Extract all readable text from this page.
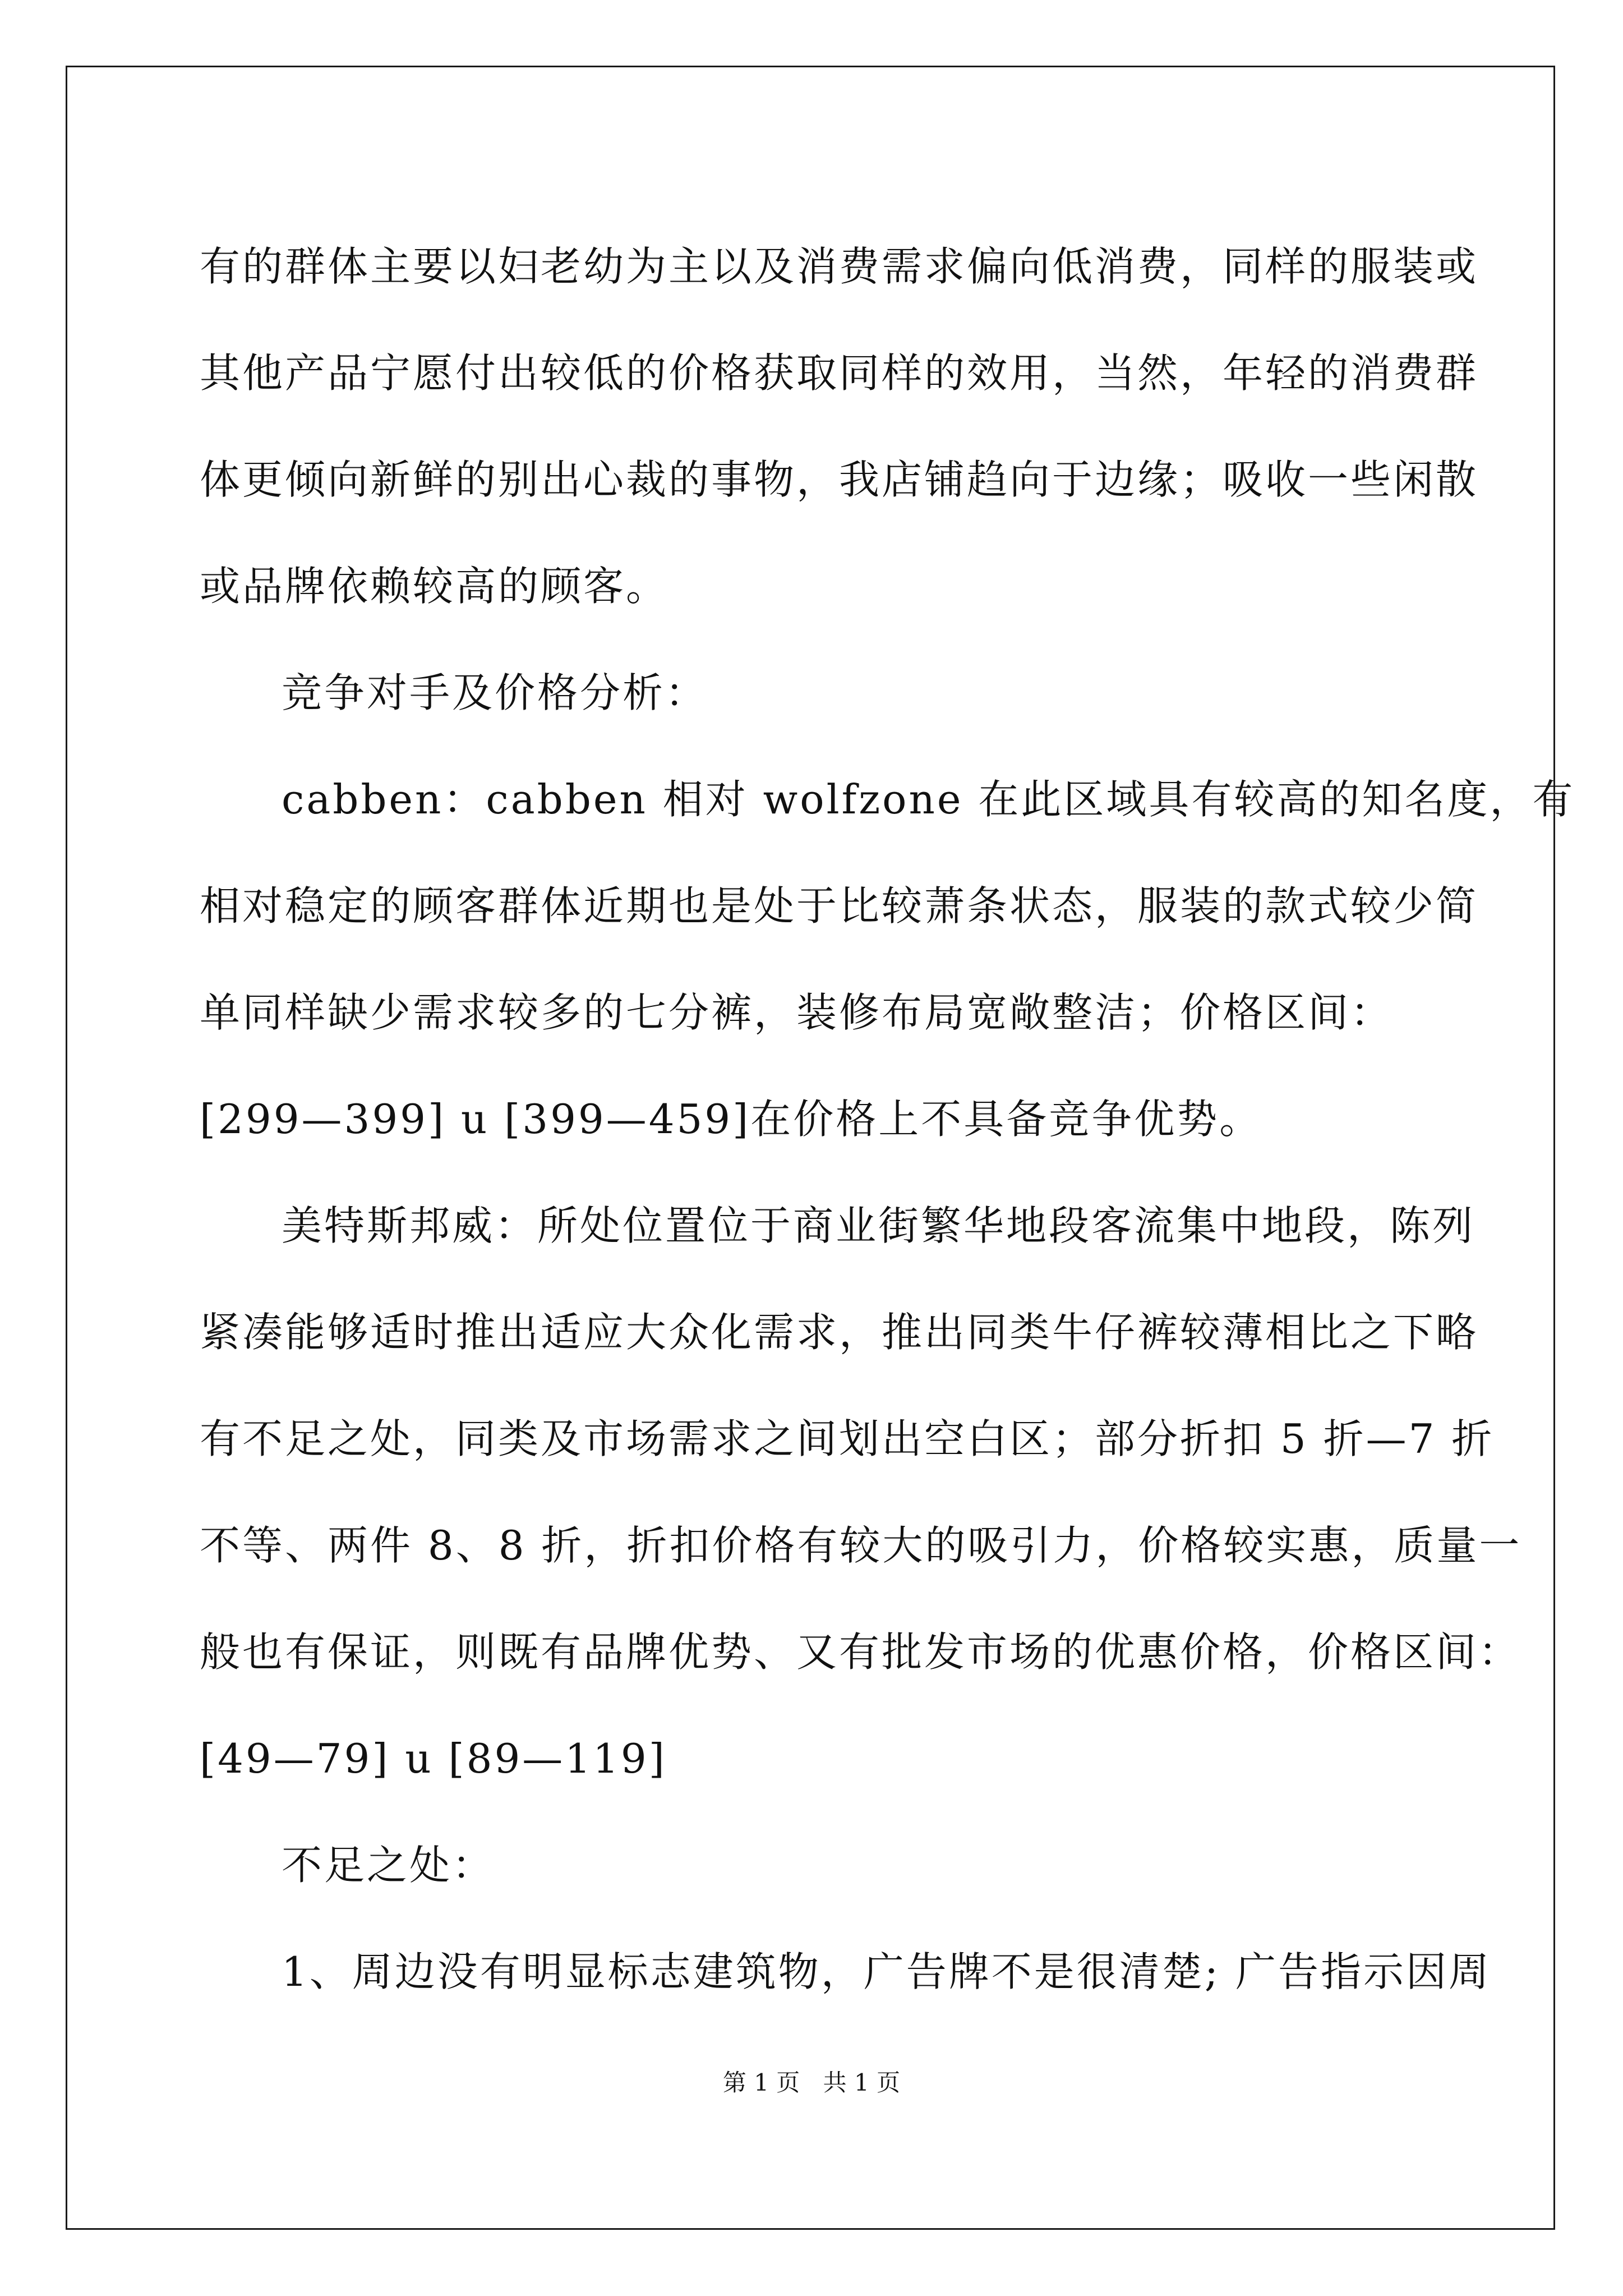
有的群体主要以妇老幼为主以及消费需求偏向低消费，同样的服装或
其他产品宁愿付出较低的价格获取同样的效用，当然，年轻的消费群
体更倾向新鲜的别出心裁的事物，我店铺趋向于边缘；吸收一些闲散
或品牌依赖较高的顾客。
竞争对手及价格分析：
cabben：cabben 相对 wolfzone 在此区域具有较高的知名度，有
相对稳定的顾客群体近期也是处于比较萧条状态，服装的款式较少简
单同样缺少需求较多的七分裤，装修布局宽敞整洁；价格区间：
[299—399] u [399—459]在价格上不具备竞争优势。
美特斯邦威：所处位置位于商业街繁华地段客流集中地段，陈列
紧凑能够适时推出适应大众化需求，推出同类牛仔裤较薄相比之下略
有不足之处，同类及市场需求之间划出空白区；部分折扣 5 折—7 折
不等、两件 8、8 折，折扣价格有较大的吸引力，价格较实惠，质量一
般也有保证，则既有品牌优势、又有批发市场的优惠价格，价格区间：
[49—79] u [89—119]
不足之处：
1、周边没有明显标志建筑物，广告牌不是很清楚; 广告指示因周
第 1 页 共 1 页
